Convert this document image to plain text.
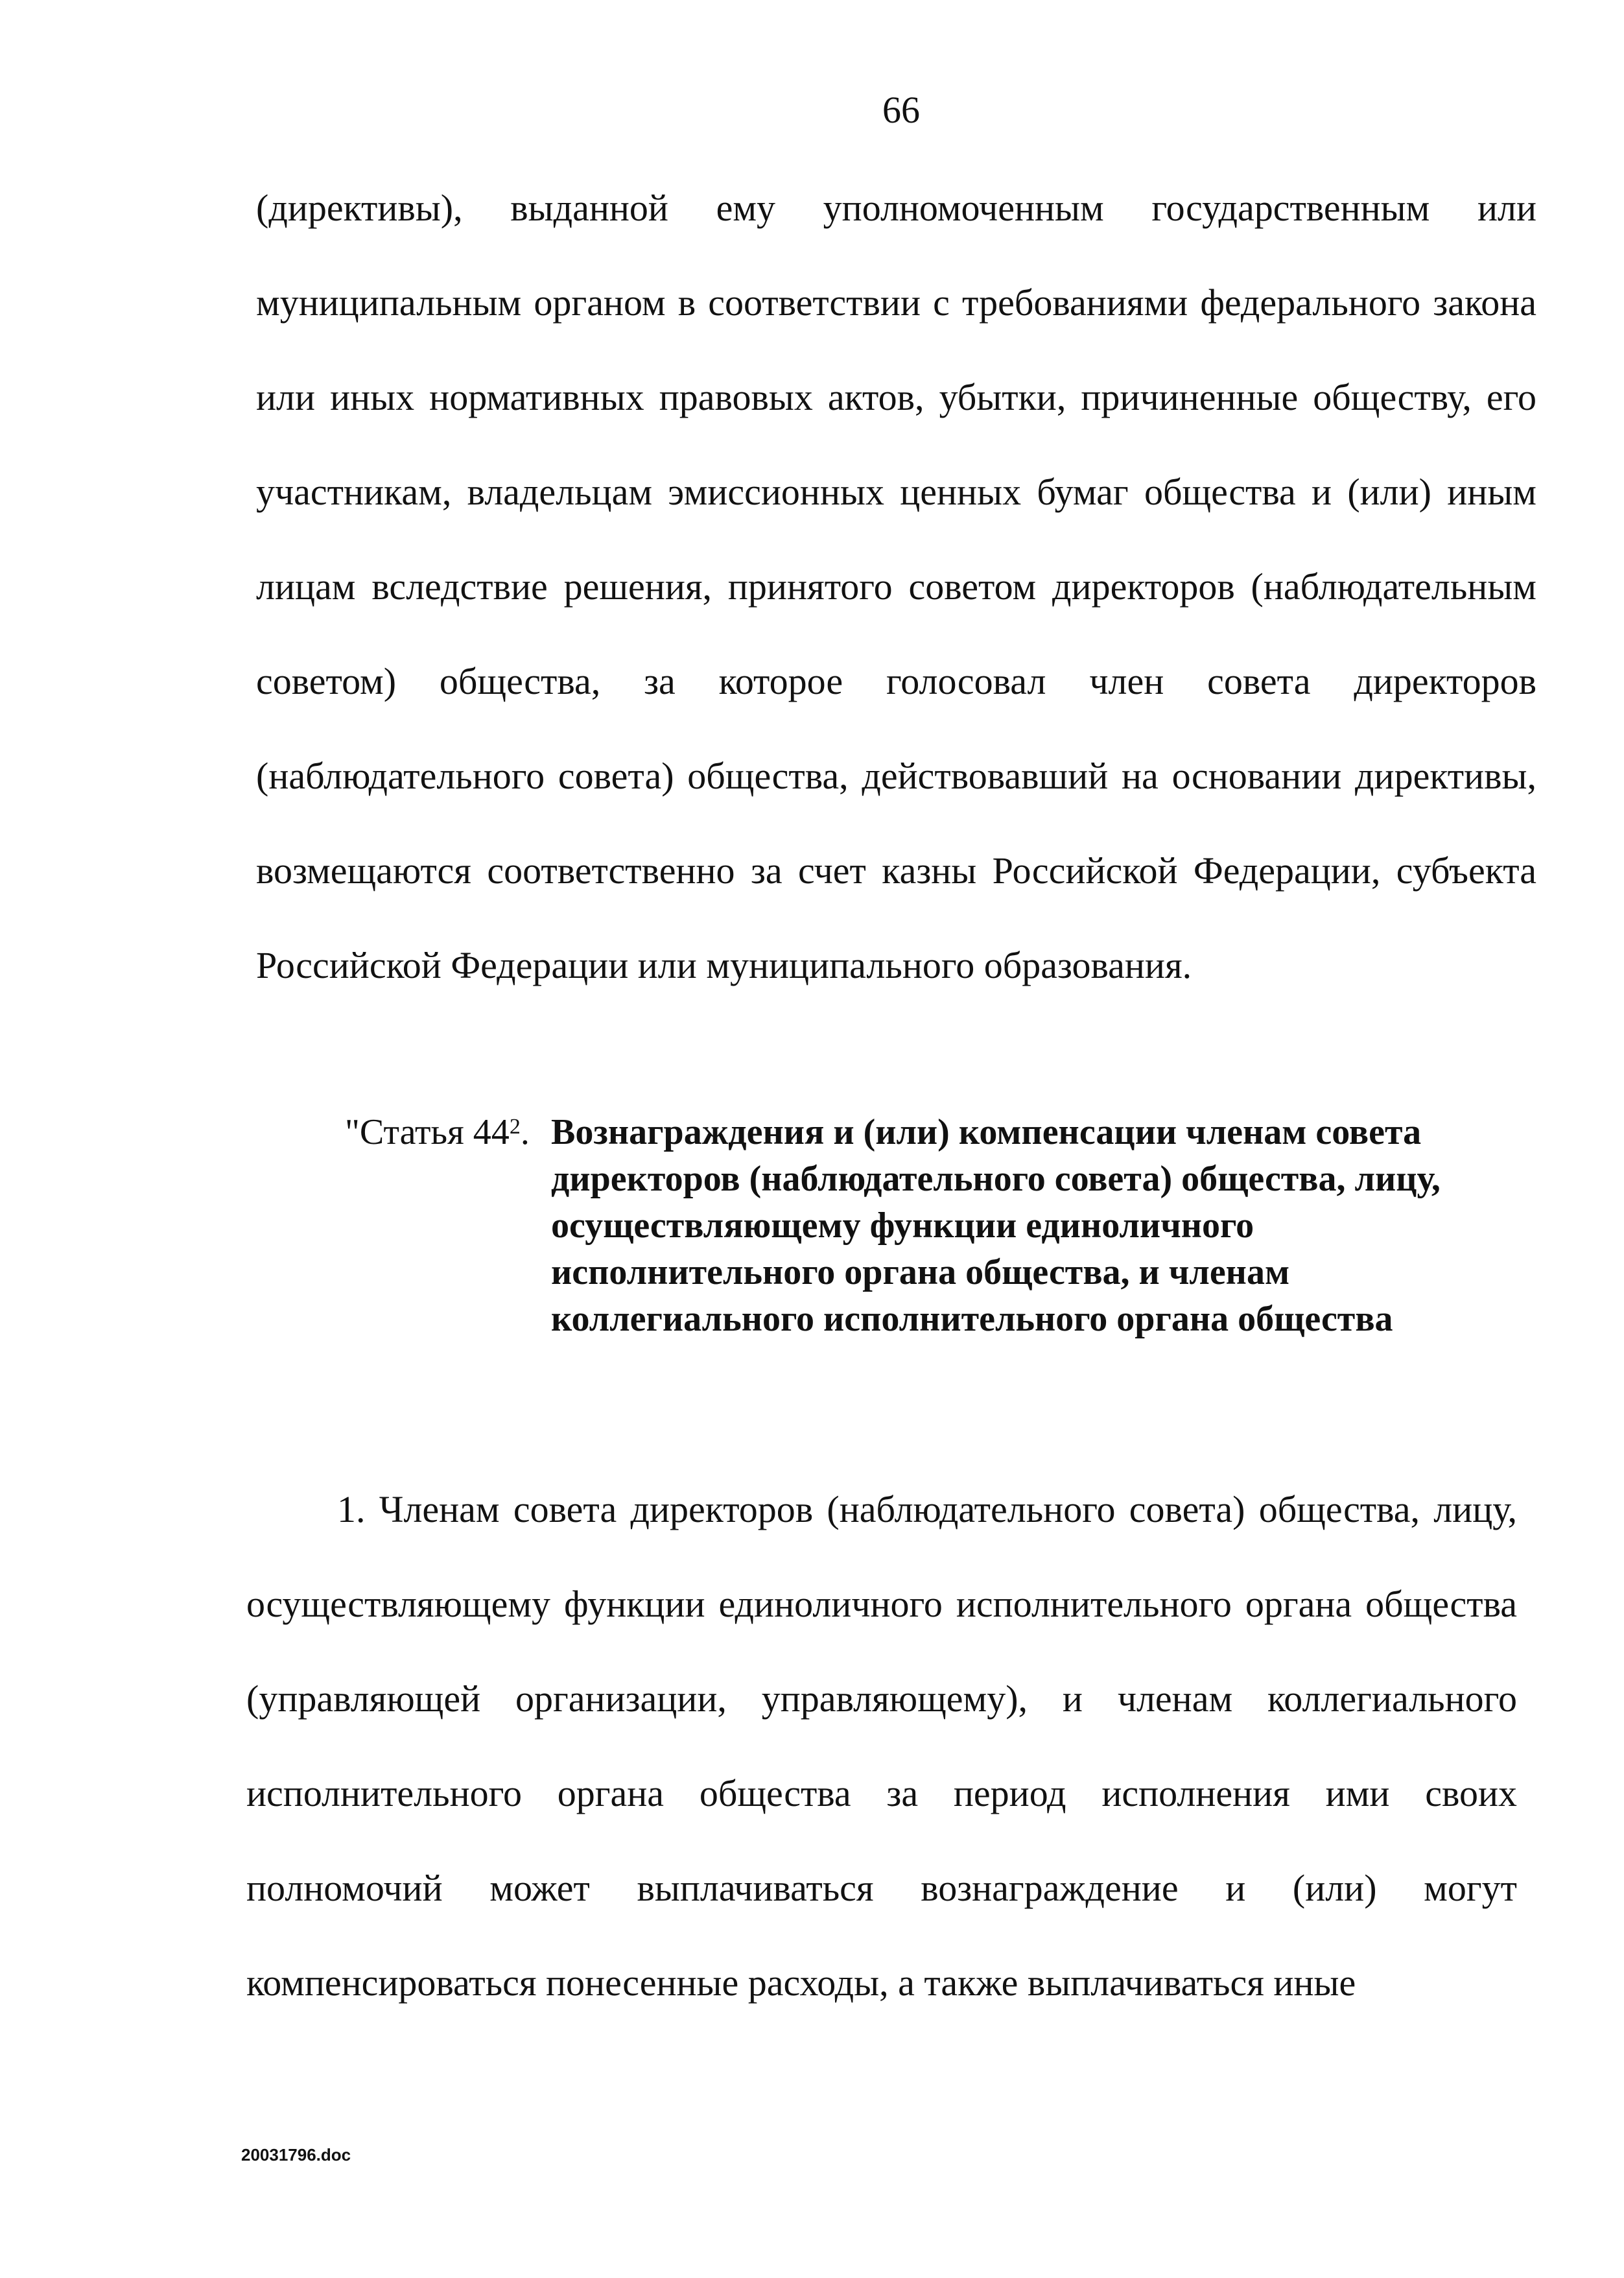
66

(директивы), выданной ему уполномоченным государственным или муниципальным органом в соответствии с требованиями федерального закона или иных нормативных правовых актов, убытки, причиненные обществу, его участникам, владельцам эмиссионных ценных бумаг общества и (или) иным лицам вследствие решения, принятого советом директоров (наблюдательным советом) общества, за которое голосовал член совета директоров (наблюдательного совета) общества, действовавший на основании директивы, возмещаются соответственно за счет казны Российской Федерации, субъекта Российской Федерации или муниципального образования.

"Статья $44^2$. Вознаграждения и (или) компенсации членам совета директоров (наблюдательного совета) общества, лицу, осуществляющему функции единоличного исполнительного органа общества, и членам коллегиального исполнительного органа общества

1. Членам совета директоров (наблюдательного совета) общества, лицу, осуществляющему функции единоличного исполнительного органа общества (управляющей организации, управляющему), и членам коллегиального исполнительного органа общества за период исполнения ими своих полномочий может выплачиваться вознаграждение и (или) могут компенсироваться понесенные расходы, а также выплачиваться иные

20031796.doc
